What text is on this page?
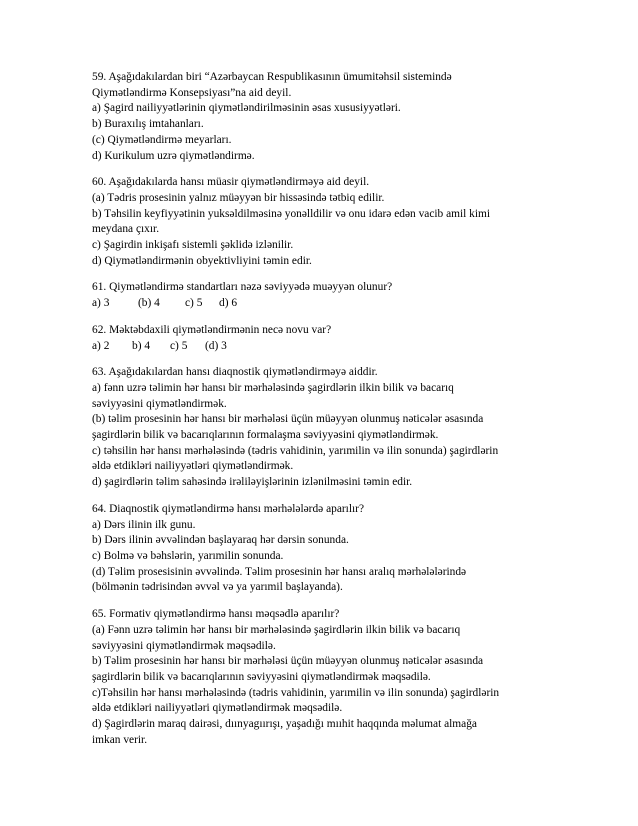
59. Aşağıdakılardan biri “Azərbaycan Respublikasının ümumitəhsil sistemində
Qiymətləndirmə Konsepsiyası”na aid deyil.
a) Şagird nailiyyətlərinin qiymətləndirilməsinin əsas xususiyyətləri.
b) Buraxılış imtahanları.
(c) Qiymətləndirmə meyarları.
d) Kurikulum uzrə qiymətləndirmə.
60. Aşağıdakılarda hansı müasir qiymətləndirməyə aid deyil.
(a) Tədris prosesinin yalnız müəyyən bir hissəsində tətbiq edilir.
b) Təhsilin keyfiyyətinin yuksəldilməsinə yonəlldilir və onu idarə edən vacib amil kimi
meydana çıxır.
c) Şagirdin inkişafı sistemli şəklidə izlənilir.
d) Qiymətləndirmənin obyektivliyini təmin edir.
61. Qiymətləndirmə standartları nəzə səviyyədə muəyyən olunur?
a) 3	(b) 4 c) 5 d) 6
62. Məktəbdaxili qiymətləndirmənin necə novu var?
a) 2 b) 4 c) 5 (d) 3
63. Aşağıdakılardan hansı diaqnostik qiymətləndirməyə aiddir.
a) fənn uzrə təlimin hər hansı bir mərhələsində şagirdlərin ilkin bilik və bacarıq
səviyyəsini qiymətləndirmək.
(b) təlim prosesinin hər hansı bir mərhələsi üçün müəyyən olunmuş nəticələr əsasında
şagirdlərin bilik və bacarıqlarının formalaşma səviyyəsini qiymətləndirmək.
c) təhsilin hər hansı mərhələsində (tədris vahidinin, yarımilin və ilin sonunda) şagirdlərin
əldə etdikləri nailiyyətləri qiymətləndirmək.
d) şagirdlərin təlim sahəsində irəliləyişlərinin izlənilməsini təmin edir.
64. Diaqnostik qiymətləndirmə hansı mərhələlərdə aparılır?
a) Dərs ilinin ilk gunu.
b) Dərs ilinin əvvəlindən başlayaraq hər dərsin sonunda.
c) Bolmə və bəhslərin, yarımilin sonunda.
(d) Təlim prosesisinin əvvəlində. Təlim prosesinin hər hansı aralıq mərhələlərində
(bölmənin tədrisindən əvvəl və ya yarımil başlayanda).
65. Formativ qiymətləndirmə hansı məqsədlə aparılır?
(a) Fənn uzrə təlimin hər hansı bir mərhələsində şagirdlərin ilkin bilik və bacarıq
səviyyəsini qiymətləndirmək məqsədilə.
b) Təlim prosesinin hər hansı bir mərhələsi üçün müəyyən olunmuş nəticələr əsasında
şagirdlərin bilik və bacarıqlarının səviyyəsini qiymətləndirmək məqsədilə.
c)Təhsilin hər hansı mərhələsində (tədris vahidinin, yarımilin və ilin sonunda) şagirdlərin
əldə etdikləri nailiyyətləri qiymətləndirmək məqsədilə.
d) Şagirdlərin maraq dairəsi, dıınyagıırışı, yaşadığı mııhit haqqında məlumat almağa
imkan verir.
